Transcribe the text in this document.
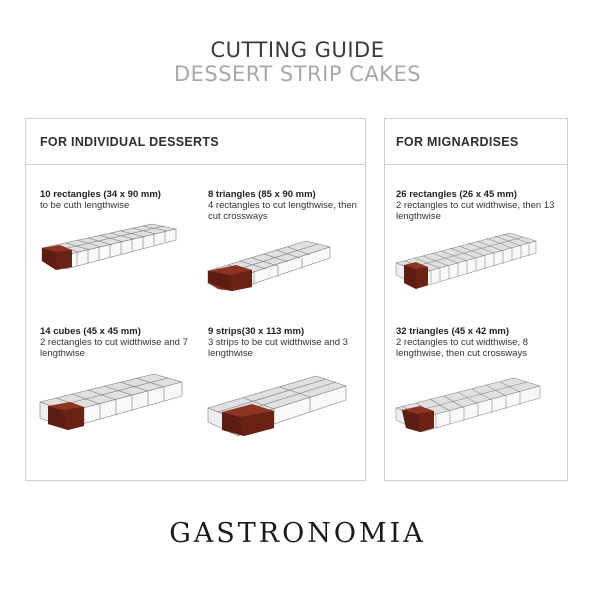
CUTTING GUIDE
DESSERT STRIP CAKES
FOR INDIVIDUAL DESSERTS
10 rectangles (34 x 90 mm)
to be cuth lengthwise
8 triangles (85 x 90 mm)
4 rectangles to cut lengthwise, then cut crossways
14 cubes (45 x 45 mm)
2 rectangles to cut widthwise and 7 lengthwise
9 strips(30 x 113 mm)
3 strips to be cut widthwise and 3 lengthwise
FOR MIGNARDISES
26 rectangles (26 x 45 mm)
2 rectangles to cut widthwise, then 13 lengthwise
32 triangles (45 x 42 mm)
2 rectangles to cut widthwise, 8 lengthwise, then cut crossways
GASTRONOMIA
